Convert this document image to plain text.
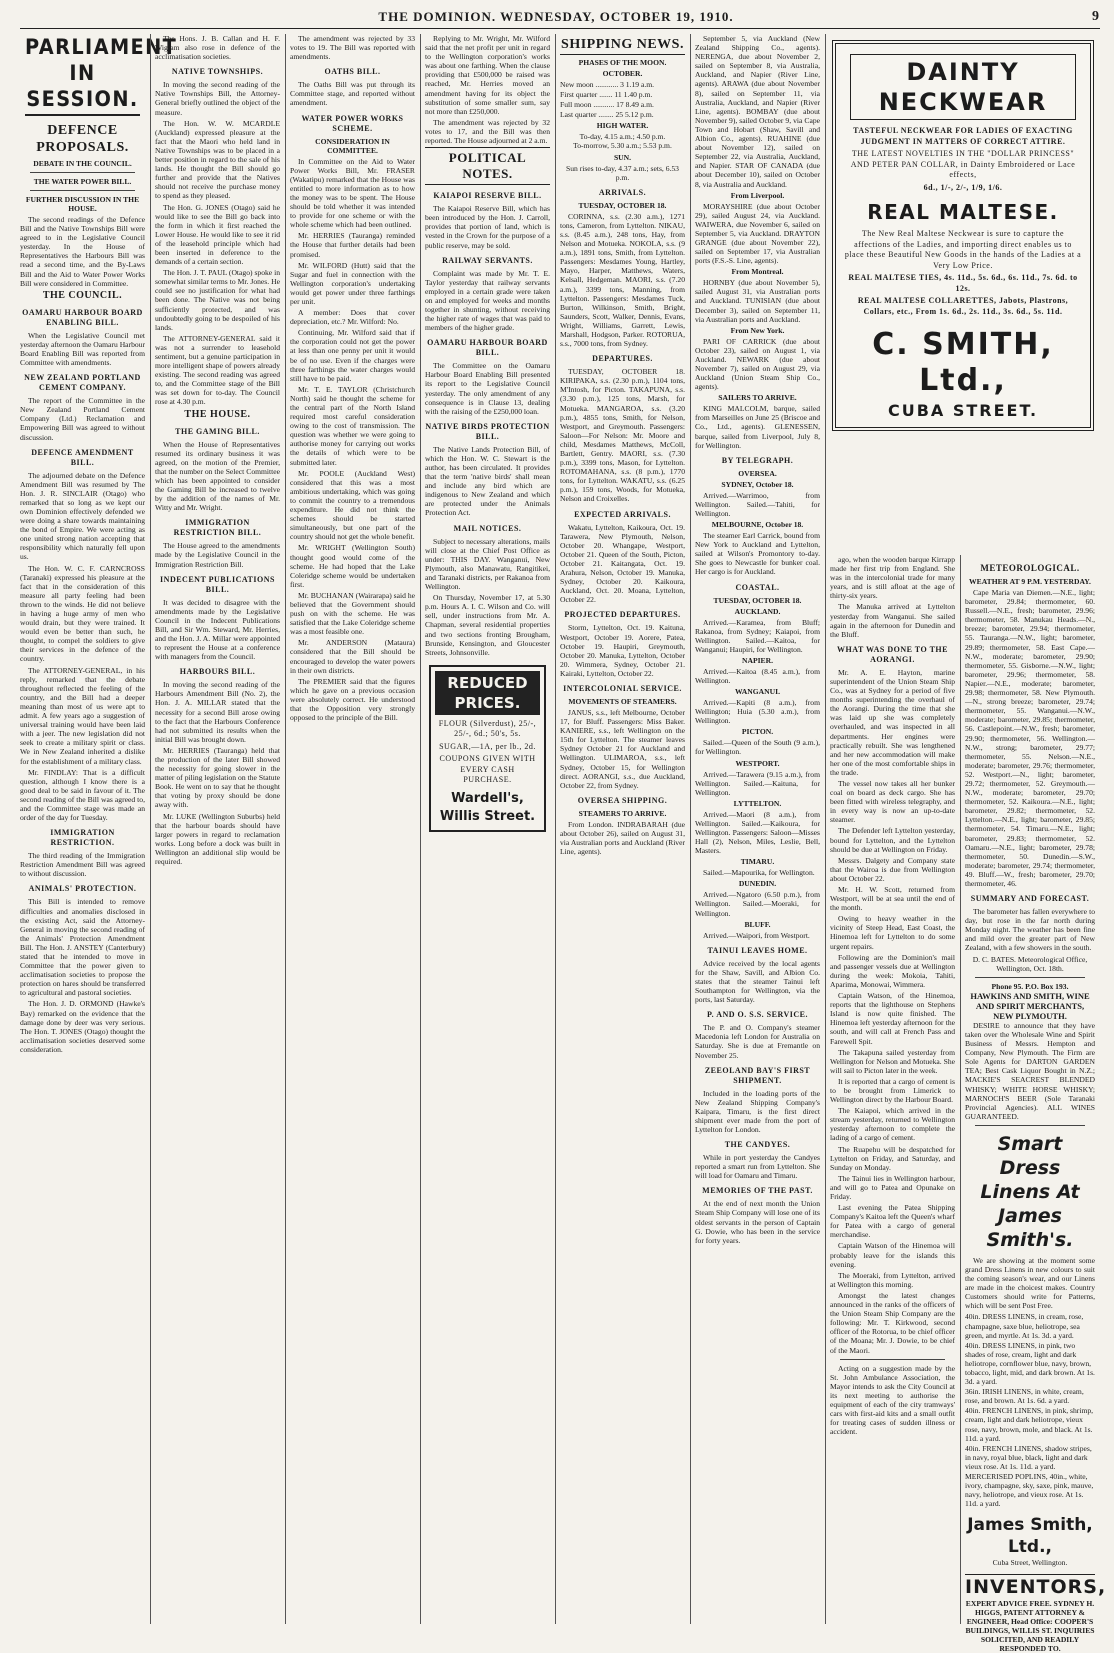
THE DOMINION. WEDNESDAY, OCTOBER 19, 1910.	9
PARLIAMENT IN SESSION.
DEFENCE PROPOSALS.
DEBATE IN THE COUNCIL.
THE WATER POWER BILL.
FURTHER DISCUSSION IN THE HOUSE.

The second readings of the Defence Bill and the Native Townships Bill were agreed to in the Legislative Council yesterday. In the House of Representatives the Harbours Bill was read a second time, and the By-Laws Bill and the Aid to Water Power Works Bill were considered in Committee.

THE COUNCIL.
OAMARU HARBOUR BOARD ENABLING BILL.

When the Legislative Council met yesterday afternoon the Oamaru Harbour Board Enabling Bill was reported from Committee with amendments.

NEW ZEALAND PORTLAND CEMENT COMPANY.

The report of the Committee in the New Zealand Portland Cement Company (Ltd.) Reclamation and Empowering Bill was agreed to without discussion.

DEFENCE AMENDMENT BILL.

The adjourned debate on the Defence Amendment Bill was resumed by The Hon. J. R. SINCLAIR (Otago) who remarked that so long as we kept our own Dominion effectively defended we were doing a share towards maintaining the bond of Empire. We were acting as one united strong nation accepting that responsibility which naturally fell upon us.

The Hon. W. C. F. CARNCROSS (Taranaki) expressed his pleasure at the fact that in the consideration of this measure all party feeling had been thrown to the winds. He did not believe in having a huge army of men who would drain, but they were trained. It would even be better than such, he thought, to compel the soldiers to give their services in the defence of the country.

The ATTORNEY-GENERAL, in his reply, remarked that the debate throughout reflected the feeling of the country, and the Bill had a deeper meaning than most of us were apt to admit. A few years ago a suggestion of universal training would have been laid with a jeer. The new legislation did not seek to create a military spirit or class. We in New Zealand inherited a dislike for the establishment of a military class.

Mr. FINDLAY: That is a difficult question, although I know there is a good deal to be said in favour of it. The second reading of the Bill was agreed to, and the Committee stage was made an order of the day for Tuesday.

IMMIGRATION RESTRICTION.

The third reading of the Immigration Restriction Amendment Bill was agreed to without discussion.

ANIMALS' PROTECTION.

This Bill is intended to remove difficulties and anomalies disclosed in the existing Act, said the Attorney-General in moving the second reading of the Animals' Protection Amendment Bill. The Hon. J. ANSTEY (Canterbury) stated that he intended to move in Committee that the power given to acclimatisation societies to propose the protection on hares should be transferred to agricultural and pastoral societies.

The Hon. J. D. ORMOND (Hawke's Bay) remarked on the evidence that the damage done by deer was very serious. The Hon. T. JONES (Otago) thought the acclimatisation societies deserved some consideration.

The Hons. J. B. Callan and H. F. Wigram also rose in defence of the acclimatisation societies.

NATIVE TOWNSHIPS.

In moving the second reading of the Native Townships Bill, the Attorney-General briefly outlined the object of the measure.

The Hon. W. W. MCARDLE (Auckland) expressed pleasure at the fact that the Maori who held land in Native Townships was to be placed in a better position in regard to the sale of his lands. He thought the Bill should go further and provide that the Natives should not receive the purchase money to spend as they pleased.

The Hon. G. JONES (Otago) said he would like to see the Bill go back into the form in which it first reached the Lower House. He would like to see it rid of the leasehold principle which had been inserted in deference to the demands of a certain section.

The Hon. J. T. PAUL (Otago) spoke in somewhat similar terms to Mr. Jones. He could see no justification for what had been done. The Native was not being sufficiently protected, and was undoubtedly going to be despoiled of his lands.

The ATTORNEY-GENERAL said it was not a surrender to leasehold sentiment, but a genuine participation in more intelligent shape of powers already existing. The second reading was agreed to, and the Committee stage of the Bill was set down for to-day. The Council rose at 4.30 p.m.

THE HOUSE.
THE GAMING BILL.

When the House of Representatives resumed its ordinary business it was agreed, on the motion of the Premier, that the number on the Select Committee which has been appointed to consider the Gaming Bill be increased to twelve by the addition of the names of Mr. Witty and Mr. Wright.

IMMIGRATION RESTRICTION BILL.

The House agreed to the amendments made by the Legislative Council in the Immigration Restriction Bill.

INDECENT PUBLICATIONS BILL.

It was decided to disagree with the amendments made by the Legislative Council in the Indecent Publications Bill, and Sir Wm. Steward, Mr. Herries, and the Hon. J. A. Millar were appointed to represent the House at a conference with managers from the Council.

HARBOURS BILL.

In moving the second reading of the Harbours Amendment Bill (No. 2), the Hon. J. A. MILLAR stated that the necessity for a second Bill arose owing to the fact that the Harbours Conference had not submitted its results when the initial Bill was brought down.

Mr. HERRIES (Tauranga) held that the production of the later Bill showed the necessity for going slower in the matter of piling legislation on the Statute Book. He went on to say that he thought that voting by proxy should be done away with.

Mr. LUKE (Wellington Suburbs) held that the harbour boards should have larger powers in regard to reclamation works. Long before a dock was built in Wellington an additional slip would be required.

The amendment was rejected by 33 votes to 19. The Bill was reported with amendments.

OATHS BILL.

The Oaths Bill was put through its Committee stage, and reported without amendment.

WATER POWER WORKS SCHEME.
CONSIDERATION IN COMMITTEE.

In Committee on the Aid to Water Power Works Bill, Mr. FRASER (Wakatipu) remarked that the House was entitled to more information as to how the money was to be spent. The House should be told whether it was intended to provide for one scheme or with the whole scheme which had been outlined.

Mr. HERRIES (Tauranga) reminded the House that further details had been promised.

Mr. WILFORD (Hutt) said that the Sugar and fuel in connection with the Wellington corporation's undertaking would get power under three farthings per unit.

A member: Does that cover depreciation, etc.? Mr. Wilford: No.

Continuing, Mr. Wilford said that if the corporation could not get the power at less than one penny per unit it would be of no use. Even if the charges were three farthings the water charges would still have to be paid.

Mr. T. E. TAYLOR (Christchurch North) said he thought the scheme for the central part of the North Island required most careful consideration owing to the cost of transmission. The question was whether we were going to authorise money for carrying out works the details of which were to be submitted later.

Mr. POOLE (Auckland West) considered that this was a most ambitious undertaking, which was going to commit the country to a tremendous expenditure. He did not think the schemes should be started simultaneously, but one part of the country should not get the whole benefit.

Mr. WRIGHT (Wellington South) thought good would come of the scheme. He had hoped that the Lake Coleridge scheme would be undertaken first.

Mr. BUCHANAN (Wairarapa) said he believed that the Government should push on with the scheme. He was satisfied that the Lake Coleridge scheme was a most feasible one.

Mr. ANDERSON (Mataura) considered that the Bill should be encouraged to develop the water powers in their own districts.

The PREMIER said that the figures which he gave on a previous occasion were absolutely correct. He understood that the Opposition very strongly opposed to the principle of the Bill.

Replying to Mr. Wright, Mr. Wilford said that the net profit per unit in regard to the Wellington corporation's works was about one farthing. When the clause providing that £500,000 be raised was reached, Mr. Herries moved an amendment having for its object the substitution of some smaller sum, say not more than £250,000.

The amendment was rejected by 32 votes to 17, and the Bill was then reported. The House adjourned at 2 a.m.

POLITICAL NOTES.
KAIAPOI RESERVE BILL.

The Kaiapoi Reserve Bill, which has been introduced by the Hon. J. Carroll, provides that portion of land, which is vested in the Crown for the purpose of a public reserve, may be sold.

RAILWAY SERVANTS.

Complaint was made by Mr. T. E. Taylor yesterday that railway servants employed in a certain grade were taken on and employed for weeks and months together in shunting, without receiving the higher rate of wages that was paid to members of the higher grade.

OAMARU HARBOUR BOARD BILL.

The Committee on the Oamaru Harbour Board Enabling Bill presented its report to the Legislative Council yesterday. The only amendment of any consequence is in Clause 13, dealing with the raising of the £250,000 loan.

NATIVE BIRDS PROTECTION BILL.

The Native Lands Protection Bill, of which the Hon. W. C. Stewart is the author, has been circulated. It provides that the term 'native birds' shall mean and include any bird which are indigenous to New Zealand and which are protected under the Animals Protection Act.

MAIL NOTICES.

Subject to necessary alterations, mails will close at the Chief Post Office as under: THIS DAY. Wanganui, New Plymouth, also Manawatu, Rangitikei, and Taranaki districts, per Rakanoa from Wellington.

On Thursday, November 17, at 5.30 p.m. Hours A. I. C. Wilson and Co. will sell, under instructions from Mr. A. Chapman, several residential properties and two sections fronting Brougham, Brunside, Kensington, and Gloucester Streets, Johnsonville.

REDUCED PRICES.
FLOUR (Silverdust), 25/-, 25/-, 6d.; 50's, 5s.
SUGAR,—1A, per lb., 2d.
COUPONS GIVEN WITH EVERY CASH PURCHASE.
Wardell's, Willis Street.
SHIPPING NEWS.
PHASES OF THE MOON.
OCTOBER.
New moon ............ 3 1.19 a.m.
First quarter ....... 11 1.40 p.m.
Full moon ........... 17 8.49 a.m.
Last quarter ........ 25 5.12 p.m.
HIGH WATER.
To-day, 4.15 a.m.; 4.50 p.m.
To-morrow, 5.30 a.m.; 5.53 p.m.
SUN.
Sun rises to-day, 4.37 a.m.; sets, 6.53 p.m.
ARRIVALS.
TUESDAY, OCTOBER 18.

CORINNA, s.s. (2.30 a.m.), 1271 tons, Cameron, from Lyttelton. NIKAU, s.s. (8.45 a.m.), 248 tons, Hay, from Nelson and Motueka. NOKOLA, s.s. (9 a.m.), 1891 tons, Smith, from Lyttelton. Passengers: Mesdames Young, Hartley, Mayo, Harper, Matthews, Waters, Kelsall, Hedgeman. MAORI, s.s. (7.20 a.m.), 3399 tons, Manning, from Lyttelton. Passengers: Mesdames Tuck, Burton, Wilkinson, Smith, Bright, Saunders, Scott, Walker, Dennis, Evans, Wright, Williams, Garrett, Lewis, Marshall, Hodgson, Parker. ROTORUA, s.s., 7000 tons, from Sydney.

DEPARTURES.

TUESDAY, OCTOBER 18. KIRIPAKA, s.s. (2.30 p.m.), 1104 tons, M'Intosh, for Picton. TAKAPUNA, s.s. (3.30 p.m.), 125 tons, Marsh, for Motueka. MANGAROA, s.s. (3.20 p.m.), 4855 tons, Smith, for Nelson, Westport, and Greymouth. Passengers: Saloon—For Nelson: Mr. Moore and child, Mesdames Matthews, McColl, Bartlett, Gentry. MAORI, s.s. (7.30 p.m.), 3399 tons, Mason, for Lyttelton. ROTOMAHANA, s.s. (8 p.m.), 1770 tons, for Lyttelton. WAKATU, s.s. (6.25 p.m.), 159 tons, Woods, for Motueka, Nelson and Croixelles.

EXPECTED ARRIVALS.

Wakatu, Lyttelton, Kaikoura, Oct. 19. Tarawera, New Plymouth, Nelson, October 20. Whangape, Westport, October 21. Queen of the South, Picton, October 21. Kaitangata, Oct. 19. Arahura, Nelson, October 19. Manuka, Sydney, October 20. Kaikoura, Auckland, Oct. 20. Moana, Lyttelton, October 22.

PROJECTED DEPARTURES.

Storm, Lyttelton, Oct. 19. Kaituna, Westport, October 19. Aorere, Patea, October 19. Haupiri, Greymouth, October 20. Manuka, Lyttelton, October 20. Wimmera, Sydney, October 21. Kairaki, Lyttelton, October 22.

INTERCOLONIAL SERVICE.
MOVEMENTS OF STEAMERS.

JANUS, s.s., left Melbourne, October 17, for Bluff. Passengers: Miss Baker. KANIERE, s.s., left Wellington on the 15th for Lyttelton. The steamer leaves Sydney October 21 for Auckland and Wellington. ULIMAROA, s.s., left Sydney, October 15, for Wellington direct. AORANGI, s.s., due Auckland, October 22, from Sydney.

OVERSEA SHIPPING.
STEAMERS TO ARRIVE.

From London. INDRABARAH (due about October 26), sailed on August 31, via Australian ports and Auckland (River Line, agents).

September 5, via Auckland (New Zealand Shipping Co., agents). NERENGA, due about November 2, sailed on September 8, via Australia, Auckland, and Napier (River Line, agents). ARAWA (due about November 8), sailed on September 11, via Australia, Auckland, and Napier (River Line, agents). BOMBAY (due about November 9), sailed October 9, via Cape Town and Hobart (Shaw, Savill and Albion Co., agents). RUAHINE (due about November 12), sailed on September 22, via Australia, Auckland, and Napier. STAR OF CANADA (due about December 10), sailed on October 8, via Australia and Auckland.

From Liverpool.

MORAYSHIRE (due about October 29), sailed August 24, via Auckland. WAIWERA, due November 6, sailed on September 5, via Auckland. DRAYTON GRANGE (due about November 22), sailed on September 17, via Australian ports (F.S.-S. Line, agents).

From Montreal.

HORNBY (due about November 5), sailed August 31, via Australian ports and Auckland. TUNISIAN (due about December 3), sailed on September 11, via Australian ports and Auckland.

From New York.

PARI OF CARRICK (due about October 23), sailed on August 1, via Auckland. NEWARK (due about November 7), sailed on August 29, via Auckland (Union Steam Ship Co., agents).

SAILERS TO ARRIVE.

KING MALCOLM, barque, sailed from Marseilles on June 25 (Briscoe and Co., Ltd., agents). GLENESSEN, barque, sailed from Liverpool, July 8, for Wellington.

BY TELEGRAPH.
OVERSEA.
SYDNEY, October 18.

Arrived.—Warrimoo, from Wellington. Sailed.—Tahiti, for Wellington.

MELBOURNE, October 18.

The steamer Earl Carrick, bound from New York to Auckland and Lyttelton, sailed at Wilson's Promontory to-day. She goes to Newcastle for bunker coal. Her cargo is for Auckland.

COASTAL.
TUESDAY, OCTOBER 18.
AUCKLAND.

Arrived.—Karamea, from Bluff; Rakanoa, from Sydney; Kaiapoi, from Wellington. Sailed.—Kaitoa, for Wanganui; Haupiri, for Wellington.

NAPIER.

Arrived.—Kaitoa (8.45 a.m.), from Wellington.

WANGANUI.

Arrived.—Kapiti (8 a.m.), from Wellington; Huia (5.30 a.m.), from Wellington.

PICTON.

Sailed.—Queen of the South (9 a.m.), for Wellington.

WESTPORT.

Arrived.—Tarawera (9.15 a.m.), from Wellington. Sailed.—Kaituna, for Wellington.

LYTTELTON.

Arrived.—Maori (8 a.m.), from Wellington. Sailed.—Kaikoura, for Wellington. Passengers: Saloon—Misses Hall (2), Nelson, Miles, Leslie, Bell, Masters.

TIMARU.

Sailed.—Mapourika, for Wellington.

DUNEDIN.

Arrived.—Ngatoro (6.50 p.m.), from Wellington. Sailed.—Moeraki, for Wellington.

BLUFF.

Arrived.—Waipori, from Westport.

TAINUI LEAVES HOME.

Advice received by the local agents for the Shaw, Savill, and Albion Co. states that the steamer Tainui left Southampton for Wellington, via the ports, last Saturday.

P. AND O. S.S. SERVICE.

The P. and O. Company's steamer Macedonia left London for Australia on Saturday. She is due at Fremantle on November 25.

ZEEOLAND BAY'S FIRST SHIPMENT.

Included in the loading ports of the New Zealand Shipping Company's Kaipara, Timaru, is the first direct shipment ever made from the port of Lyttelton for London.

THE CANDYES.

While in port yesterday the Candyes reported a smart run from Lyttelton. She will load for Oamaru and Timaru.

MEMORIES OF THE PAST.

At the end of next month the Union Steam Ship Company will lose one of its oldest servants in the person of Captain G. Dowie, who has been in the service for forty years.

ago, when the wooden barque Kirrapp made her first trip from England. She was in the intercolonial trade for many years, and is still afloat at the age of thirty-six years.

The Manuka arrived at Lyttelton yesterday from Wanganui. She sailed again in the afternoon for Dunedin and the Bluff.

WHAT WAS DONE TO THE AORANGI.

Mr. A. E. Hayton, marine superintendent of the Union Steam Ship Co., was at Sydney for a period of five months superintending the overhaul of the Aorangi. During the time that she was laid up she was completely overhauled, and was inspected in all departments. Her engines were practically rebuilt. She was lengthened and her new accommodation will make her one of the most comfortable ships in the trade.

The vessel now takes all her bunker coal on board as deck cargo. She has been fitted with wireless telegraphy, and in every way is now an up-to-date steamer.

The Defender left Lyttelton yesterday, bound for Lyttelton, and the Lyttelton should be due at Wellington on Friday.

Messrs. Dalgety and Company state that the Wairoa is due from Wellington about October 22.

Mr. H. W. Scott, returned from Westport, will be at sea until the end of the month.

Owing to heavy weather in the vicinity of Steep Head, East Coast, the Hinemoa left for Lyttelton to do some urgent repairs.

Following are the Dominion's mail and passenger vessels due at Wellington during the week: Mokoia, Tahiti, Aparima, Monowai, Wimmera.

Captain Watson, of the Hinemoa, reports that the lighthouse on Stephens Island is now quite finished. The Hinemoa left yesterday afternoon for the south, and will call at French Pass and Farewell Spit.

The Takapuna sailed yesterday from Wellington for Nelson and Motueka. She will sail to Picton later in the week.

It is reported that a cargo of cement is to be brought from Limerick to Wellington direct by the Harbour Board.

The Kaiapoi, which arrived in the stream yesterday, returned to Wellington yesterday afternoon to complete the lading of a cargo of cement.

The Ruapehu will be despatched for Lyttelton on Friday, and Saturday, and Sunday on Monday.

The Tainui lies in Wellington harbour, and will go to Patea and Opunake on Friday.

Last evening the Patea Shipping Company's Kaitoa left the Queen's wharf for Patea with a cargo of general merchandise.

Captain Watson of the Hinemoa will probably leave for the islands this evening.

The Moeraki, from Lyttelton, arrived at Wellington this morning.

Amongst the latest changes announced in the ranks of the officers of the Union Steam Ship Company are the following: Mr. T. Kirkwood, second officer of the Rotorua, to be chief officer of the Moana; Mr. J. Dowie, to be chief of the Maori.

Acting on a suggestion made by the St. John Ambulance Association, the Mayor intends to ask the City Council at its next meeting to authorise the equipment of each of the city tramways' cars with first-aid kits and a small outfit for treating cases of sudden illness or accident.

DAINTY NECKWEAR
TASTEFUL NECKWEAR FOR LADIES OF EXACTING JUDGMENT IN MATTERS OF CORRECT ATTIRE.
THE LATEST NOVELTIES IN THE "DOLLAR PRINCESS" AND PETER PAN COLLAR, in Dainty Embroidered or Lace effects,
6d., 1/-, 2/-, 1/9, 1/6.
REAL MALTESE.
The New Real Maltese Neckwear is sure to capture the affections of the Ladies, and importing direct enables us to place these Beautiful New Goods in the hands of the Ladies at a Very Low Price.
REAL MALTESE TIES, 4s. 11d., 5s. 6d., 6s. 11d., 7s. 6d. to 12s.
REAL MALTESE COLLARETTES, Jabots, Plastrons, Collars, etc., From 1s. 6d., 2s. 11d., 3s. 6d., 5s. 11d.
C. SMITH, Ltd.,
CUBA STREET.
METEOROLOGICAL.
WEATHER AT 9 P.M. YESTERDAY.

Cape Maria van Diemen.—N.E., light; barometer, 29.84; thermometer, 60. Russell.—N.E., fresh; barometer, 29.96; thermometer, 58. Manukau Heads.—N., breeze; barometer, 29.94; thermometer, 55. Tauranga.—N.W., light; barometer, 29.89; thermometer, 58. East Cape.—N.W., moderate; barometer, 29.90; thermometer, 55. Gisborne.—N.W., light; barometer, 29.96; thermometer, 58. Napier.—N.E., moderate; barometer, 29.98; thermometer, 58. New Plymouth.—N., strong breeze; barometer, 29.74; thermometer, 55. Wanganui.—N.W., moderate; barometer, 29.85; thermometer, 56. Castlepoint.—N.W., fresh; barometer, 29.90; thermometer, 56. Wellington.—N.W., strong; barometer, 29.77; thermometer, 55. Nelson.—N.E., moderate; barometer, 29.76; thermometer, 52. Westport.—N., light; barometer, 29.72; thermometer, 52. Greymouth.—N.W., moderate; barometer, 29.70; thermometer, 52. Kaikoura.—N.E., light; barometer, 29.82; thermometer, 52. Lyttelton.—N.E., light; barometer, 29.85; thermometer, 54. Timaru.—N.E., light; barometer, 29.83; thermometer, 52. Oamaru.—N.E., light; barometer, 29.78; thermometer, 50. Dunedin.—S.W., moderate; barometer, 29.74; thermometer, 49. Bluff.—W., fresh; barometer, 29.70; thermometer, 46.

SUMMARY AND FORECAST.

The barometer has fallen everywhere to day, but rose in the far north during Monday night. The weather has been fine and mild over the greater part of New Zealand, with a few showers in the south.

D. C. BATES. Meteorological Office, Wellington, Oct. 18th.
Phone 95. P.O. Box 193.
HAWKINS AND SMITH, WINE AND SPIRIT MERCHANTS, NEW PLYMOUTH.

DESIRE to announce that they have taken over the Wholesale Wine and Spirit Business of Messrs. Hempton and Company, New Plymouth. The Firm are Sole Agents for DARTON GARDEN TEA; Best Cask Liquor Bought in N.Z.; MACKIE'S SEACREST BLENDED WHISKY; WHITE HORSE WHISKY; MARNOCH'S BEER (Sole Taranaki Provincial Agencies). ALL WINES GUARANTEED.

Smart Dress Linens At James Smith's.

We are showing at the moment some grand Dress Linens in new colours to suit the coming season's wear, and our Linens are made in the choicest makes. Country Customers should write for Patterns, which will be sent Post Free.

40in. DRESS LINENS, in cream, rose, champagne, saxe blue, heliotrope, sea green, and myrtle. At 1s. 3d. a yard.
40in. DRESS LINENS, in pink, two shades of rose, cream, light and dark heliotrope, cornflower blue, navy, brown, tobacco, light, mid, and dark brown. At 1s. 3d. a yard.
36in. IRISH LINENS, in white, cream, rose, and brown. At 1s. 6d. a yard.
40in. FRENCH LINENS, in pink, shrimp, cream, light and dark heliotrope, vieux rose, navy, brown, mole, and black. At 1s. 11d. a yard.
40in. FRENCH LINENS, shadow stripes, in navy, royal blue, black, light and dark vieux rose. At 1s. 11d. a yard.
MERCERISED POPLINS, 40in., white, ivory, champagne, sky, saxe, pink, mauve, navy, heliotrope, and vieux rose. At 1s. 11d. a yard.
James Smith, Ltd.,
Cuba Street, Wellington.
INVENTORS,

EXPERT ADVICE FREE. SYDNEY H. HIGGS, PATENT ATTORNEY & ENGINEER, Head Office: COOPER'S BUILDINGS, WILLIS ST. INQUIRIES SOLICITED, AND READILY RESPONDED TO.
